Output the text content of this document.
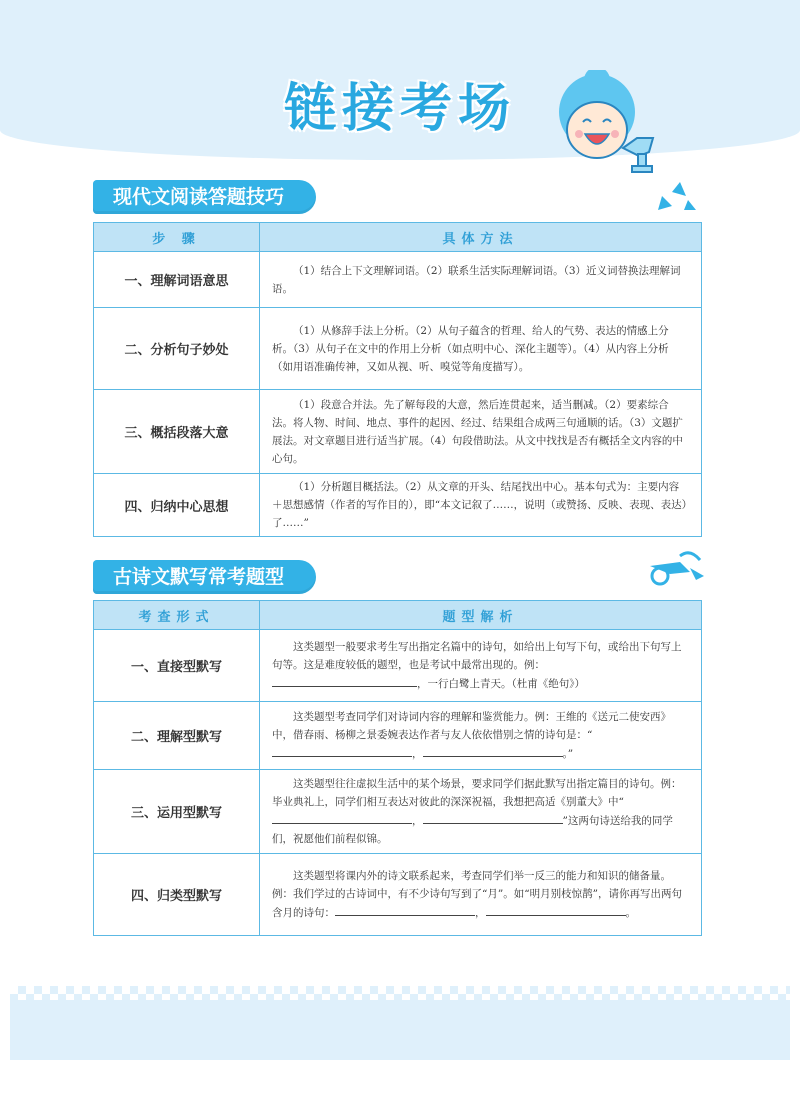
链接考场
现代文阅读答题技巧
步 骤	具体方法
一、理解词语意思	（1）结合上下文理解词语。（2）联系生活实际理解词语。（3）近义词替换法理解词语。
二、分析句子妙处	（1）从修辞手法上分析。（2）从句子蕴含的哲理、给人的气势、表达的情感上分析。（3）从句子在文中的作用上分析（如点明中心、深化主题等）。（4）从内容上分析（如用语准确传神，又如从视、听、嗅觉等角度描写）。
三、概括段落大意	（1）段意合并法。先了解每段的大意，然后连贯起来，适当删减。（2）要素综合法。将人物、时间、地点、事件的起因、经过、结果组合成两三句通顺的话。（3）文题扩展法。对文章题目进行适当扩展。（4）句段借助法。从文中找找是否有概括全文内容的中心句。
四、归纳中心思想	（1）分析题目概括法。（2）从文章的开头、结尾找出中心。基本句式为：主要内容＋思想感情（作者的写作目的），即“本文记叙了……，说明（或赞扬、反映、表现、表达）了……”
古诗文默写常考题型
考查形式	题型解析
一、直接型默写	这类题型一般要求考生写出指定名篇中的诗句，如给出上句写下句，或给出下句写上句等。这是难度较低的题型，也是考试中最常出现的。例：，一行白鹭上青天。（杜甫《绝句》）
二、理解型默写	这类题型考查同学们对诗词内容的理解和鉴赏能力。例：王维的《送元二使安西》中，借春雨、杨柳之景委婉表达作者与友人依依惜别之情的诗句是：“， 。”
三、运用型默写	这类题型往往虚拟生活中的某个场景，要求同学们据此默写出指定篇目的诗句。例：毕业典礼上，同学们相互表达对彼此的深深祝福，我想把高适《别董大》中“， ”这两句诗送给我的同学们，祝愿他们前程似锦。
四、归类型默写	这类题型将课内外的诗文联系起来，考查同学们举一反三的能力和知识的储备量。例：我们学过的古诗词中，有不少诗句写到了“月”。如“明月别枝惊鹊”，请你再写出两句含月的诗句： ， 。
